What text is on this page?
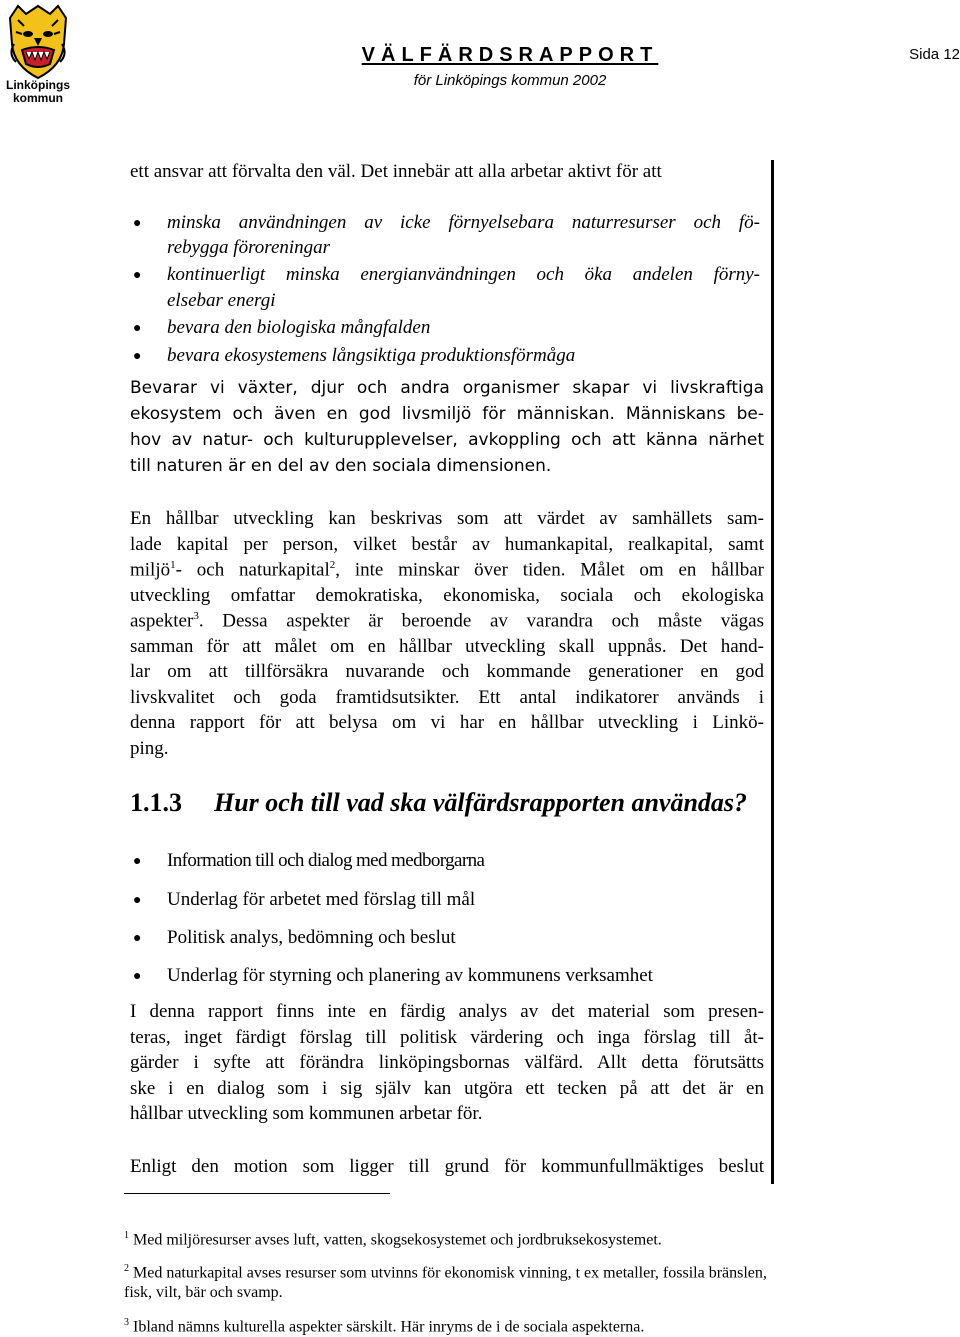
Linköpings
kommun
VÄLFÄRDSRAPPORT
för Linköpings kommun 2002
Sida 12
ett ansvar att förvalta den väl. Det innebär att alla arbetar aktivt för att
● minska användningen av icke förnyelsebara naturresurser och fö-
rebygga föroreningar
● kontinuerligt minska energianvändningen och öka andelen förny-
elsebar energi
● bevara den biologiska mångfalden
● bevara ekosystemens långsiktiga produktionsförmåga
Bevarar vi växter, djur och andra organismer skapar vi livskraftiga
ekosystem och även en god livsmiljö för människan. Människans be-
hov av natur- och kulturupplevelser, avkoppling och att känna närhet
till naturen är en del av den sociala dimensionen.
En hållbar utveckling kan beskrivas som att värdet av samhällets sam-
lade kapital per person, vilket består av humankapital, realkapital, samt
miljö$^1$- och naturkapital$^2$, inte minskar över tiden. Målet om en hållbar
utveckling omfattar demokratiska, ekonomiska, sociala och ekologiska
aspekter$^3$. Dessa aspekter är beroende av varandra och måste vägas
samman för att målet om en hållbar utveckling skall uppnås. Det hand-
lar om att tillförsäkra nuvarande och kommande generationer en god
livskvalitet och goda framtidsutsikter. Ett antal indikatorer används i
denna rapport för att belysa om vi har en hållbar utveckling i Linkö-
ping.
1.1.3 Hur och till vad ska välfärdsrapporten användas?
● Information till och dialog med medborgarna
● Underlag för arbetet med förslag till mål
● Politisk analys, bedömning och beslut
● Underlag för styrning och planering av kommunens verksamhet
I denna rapport finns inte en färdig analys av det material som presen-
teras, inget färdigt förslag till politisk värdering och inga förslag till åt-
gärder i syfte att förändra linköpingsbornas välfärd. Allt detta förutsätts
ske i en dialog som i sig själv kan utgöra ett tecken på att det är en
hållbar utveckling som kommunen arbetar för.
Enligt den motion som ligger till grund för kommunfullmäktiges beslut
$^1$ Med miljöresurser avses luft, vatten, skogsekosystemet och jordbruksekosystemet.
$^2$ Med naturkapital avses resurser som utvinns för ekonomisk vinning, t ex metaller, fossila bränslen,
fisk, vilt, bär och svamp.
$^3$ Ibland nämns kulturella aspekter särskilt. Här inryms de i de sociala aspekterna.
